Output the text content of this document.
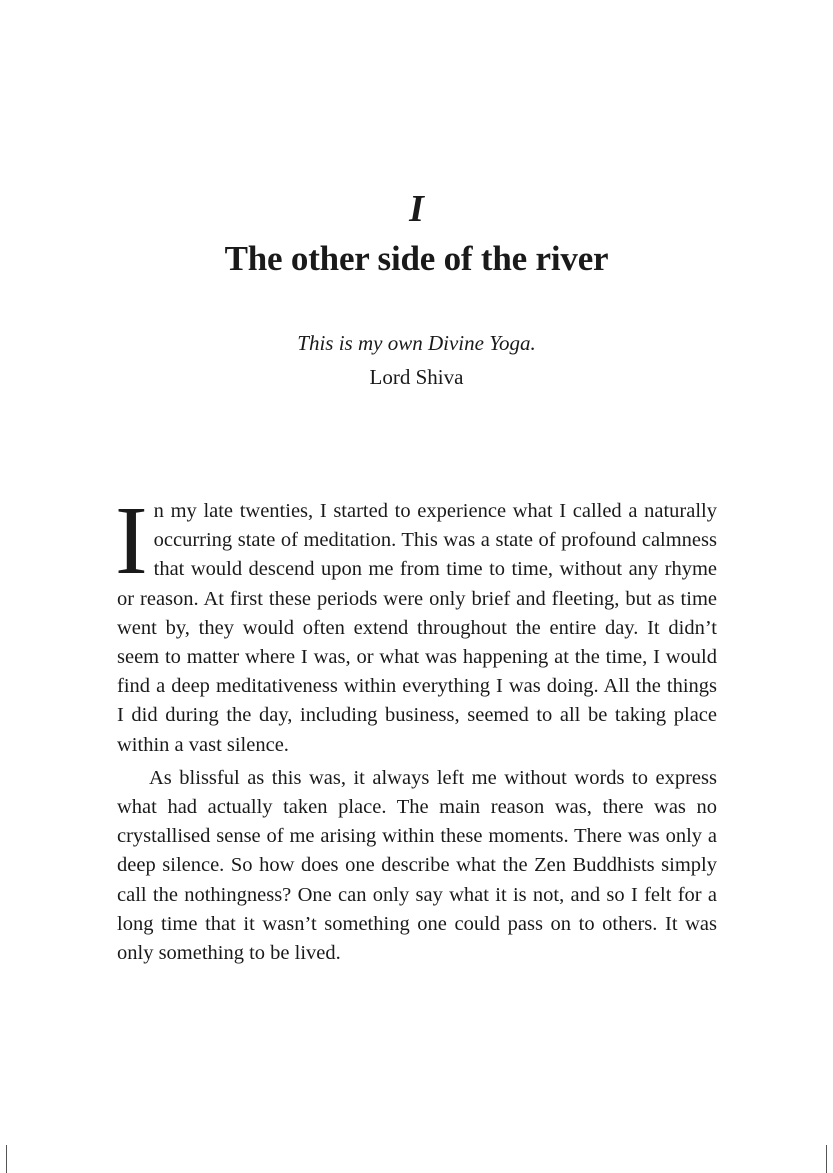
I
The other side of the river
This is my own Divine Yoga.
Lord Shiva

In my late twenties, I started to experience what I called a naturally occurring state of meditation. This was a state of profound calmness that would descend upon me from time to time, without any rhyme or reason. At first these periods were only brief and fleeting, but as time went by, they would often extend throughout the entire day. It didn’t seem to matter where I was, or what was happening at the time, I would find a deep meditativeness within everything I was doing. All the things I did during the day, including business, seemed to all be taking place within a vast silence.

As blissful as this was, it always left me without words to express what had actually taken place. The main reason was, there was no crystallised sense of me arising within these moments. There was only a deep silence. So how does one describe what the Zen Buddhists simply call the nothingness? One can only say what it is not, and so I felt for a long time that it wasn’t something one could pass on to others. It was only something to be lived.
